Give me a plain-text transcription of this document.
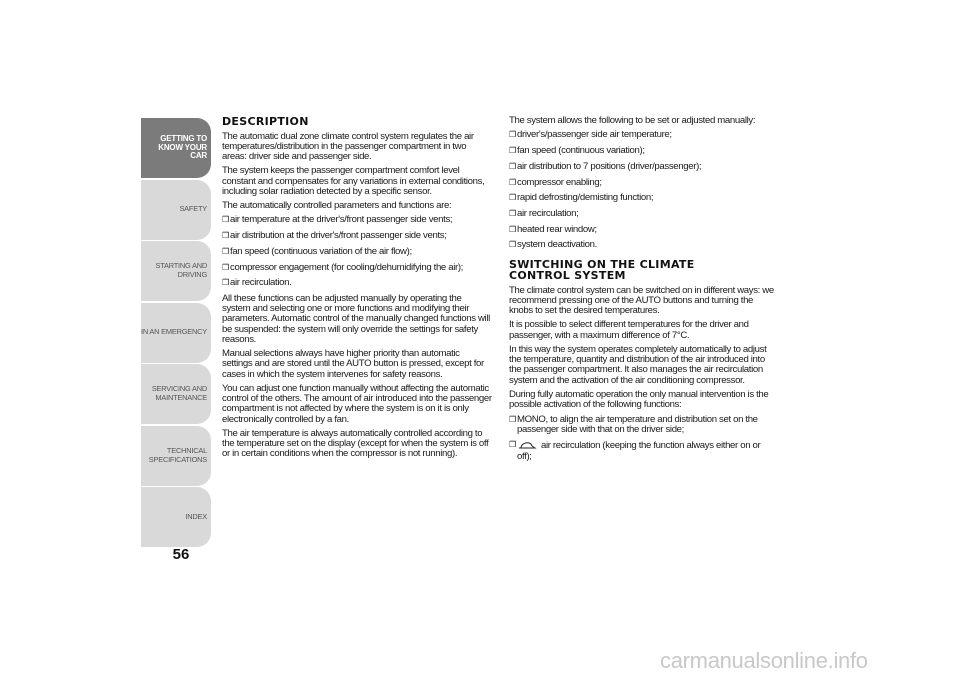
GETTING TO
KNOW YOUR CAR
SAFETY
STARTING AND
DRIVING
IN AN EMERGENCY
SERVICING AND
MAINTENANCE
TECHNICAL
SPECIFICATIONS
INDEX
56
DESCRIPTION

The automatic dual zone climate control system regulates the air temperatures/distribution in the passenger compartment in two areas: driver side and passenger side.

The system keeps the passenger compartment comfort level constant and compensates for any variations in external conditions, including solar radiation detected by a specific sensor.

The automatically controlled parameters and functions are:

❒ air temperature at the driver's/front passenger side vents;
❒ air distribution at the driver's/front passenger side vents;
❒ fan speed (continuous variation of the air flow);
❒ compressor engagement (for cooling/dehumidifying the air);
❒ air recirculation.

All these functions can be adjusted manually by operating the system and selecting one or more functions and modifying their parameters. Automatic control of the manually changed functions will be suspended: the system will only override the settings for safety reasons.

Manual selections always have higher priority than automatic settings and are stored until the AUTO button is pressed, except for cases in which the system intervenes for safety reasons.

You can adjust one function manually without affecting the automatic control of the others. The amount of air introduced into the passenger compartment is not affected by where the system is on it is only electronically controlled by a fan.

The air temperature is always automatically controlled according to the temperature set on the display (except for when the system is off or in certain conditions when the compressor is not running).

The system allows the following to be set or adjusted manually:

❒ driver's/passenger side air temperature;
❒ fan speed (continuous variation);
❒ air distribution to 7 positions (driver/passenger);
❒ compressor enabling;
❒ rapid defrosting/demisting function;
❒ air recirculation;
❒ heated rear window;
❒ system deactivation.
SWITCHING ON THE CLIMATE
CONTROL SYSTEM

The climate control system can be switched on in different ways: we recommend pressing one of the AUTO buttons and turning the knobs to set the desired temperatures.

It is possible to select different temperatures for the driver and passenger, with a maximum difference of 7°C.

In this way the system operates completely automatically to adjust the temperature, quantity and distribution of the air introduced into the passenger compartment. It also manages the air recirculation system and the activation of the air conditioning compressor.

During fully automatic operation the only manual intervention is the possible activation of the following functions:

❒ MONO, to align the air temperature and distribution set on the passenger side with that on the driver side;
❒	air recirculation (keeping the function always either on or off);
carmanualsonline.info
